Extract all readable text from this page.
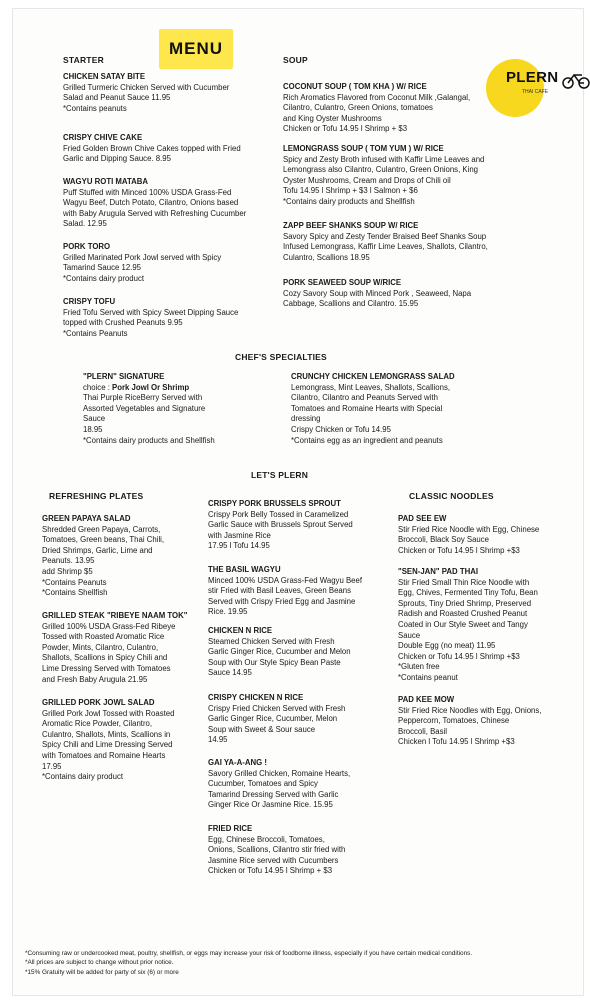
STARTER
MENU
SOUP
PLERN
THAI CAFE
CHICKEN SATAY BITE
Grilled Turmeric Chicken Served with Cucumber
Salad and Peanut Sauce 11.95
*Contains peanuts
CRISPY CHIVE CAKE
Fried Golden Brown Chive Cakes topped with Fried
Garlic and Dipping Sauce. 8.95
WAGYU ROTI MATABA
Puff Stuffed with Minced 100% USDA Grass-Fed
Wagyu Beef, Dutch Potato, Cilantro, Onions based
with Baby Arugula Served with Refreshing Cucumber
Salad. 12.95
PORK TORO
Grilled Marinated Pork Jowl served with Spicy
Tamarind Sauce 12.95
*Contains dairy product
CRISPY TOFU
Fried Tofu Served with Spicy Sweet Dipping Sauce
topped with Crushed Peanuts 9.95
*Contains Peanuts
COCONUT SOUP ( TOM KHA ) W/ RICE
Rich Aromatics Flavored from Coconut Milk ,Galangal,
Cilantro, Culantro, Green Onions, tomatoes
and King Oyster Mushrooms
Chicken or Tofu 14.95 l Shrimp + $3
LEMONGRASS SOUP ( TOM YUM ) W/ RICE
Spicy and Zesty Broth infused with Kaffir Lime Leaves and
Lemongrass also Cilantro, Culantro, Green Onions, King
Oyster Mushrooms, Cream and Drops of Chili oil
Tofu 14.95 l Shrimp + $3 l Salmon + $6
*Contains dairy products and Shellfish
ZAPP BEEF SHANKS SOUP W/ RICE
Savory Spicy and Zesty Tender Braised Beef Shanks Soup
Infused Lemongrass, Kaffir Lime Leaves, Shallots, Cilantro,
Culantro, Scallions 18.95
PORK SEAWEED SOUP W/RICE
Cozy Savory Soup with Minced Pork , Seaweed, Napa
Cabbage, Scallions and Cilantro. 15.95
CHEF'S SPECIALTIES
"PLERN" SIGNATURE
choice : Pork Jowl Or Shrimp
Thai Purple RiceBerry Served with
Assorted Vegetables and Signature
Sauce
18.95
*Contains dairy products and Shellfish
CRUNCHY CHICKEN LEMONGRASS SALAD
Lemongrass, Mint Leaves, Shallots, Scallions,
Cilantro, Cilantro and Peanuts Served with
Tomatoes and Romaine Hearts with Special
dressing
Crispy Chicken or Tofu 14.95
*Contains egg as an ingredient and peanuts
LET'S PLERN
REFRESHING PLATES
GREEN PAPAYA SALAD
Shredded Green Papaya, Carrots,
Tomatoes, Green beans, Thai Chili,
Dried Shrimps, Garlic, Lime and
Peanuts. 13.95
add Shrimp $5
*Contains Peanuts
*Contains Shellfish
GRILLED STEAK "RIBEYE NAAM TOK"
Grilled 100% USDA Grass-Fed Ribeye
Tossed with Roasted Aromatic Rice
Powder, Mints, Cilantro, Culantro,
Shallots, Scallions in Spicy Chili and
Lime Dressing Served with Tomatoes
and Fresh Baby Arugula 21.95
GRILLED PORK JOWL SALAD
Grilled Pork Jowl Tossed with Roasted
Aromatic Rice Powder, Cilantro,
Culantro, Shallots, Mints, Scallions in
Spicy Chili and Lime Dressing Served
with Tomatoes and Romaine Hearts
17.95
*Contains dairy product
CRISPY PORK BRUSSELS SPROUT
Crispy Pork Belly Tossed in Caramelized
Garlic Sauce with Brussels Sprout Served
with Jasmine Rice
17.95 l Tofu 14.95
THE BASIL WAGYU
Minced 100% USDA Grass-Fed Wagyu Beef
stir Fried with Basil Leaves, Green Beans
Served with Crispy Fried Egg and Jasmine
Rice. 19.95
CHICKEN N RICE
Steamed Chicken Served with Fresh
Garlic Ginger Rice, Cucumber and Melon
Soup with Our Style Spicy Bean Paste
Sauce 14.95
CRISPY CHICKEN N RICE
Crispy Fried Chicken Served with Fresh
Garlic Ginger Rice, Cucumber, Melon
Soup with Sweet & Sour sauce
14.95
GAI YA-A-ANG !
Savory Grilled Chicken, Romaine Hearts,
Cucumber, Tomatoes and Spicy
Tamarind Dressing Served with Garlic
Ginger Rice Or Jasmine Rice. 15.95
FRIED RICE
Egg, Chinese Broccoli, Tomatoes,
Onions, Scallions, Cilantro stir fried with
Jasmine Rice served with Cucumbers
Chicken or Tofu 14.95 l Shrimp + $3
CLASSIC NOODLES
PAD SEE EW
Stir Fried Rice Noodle with Egg, Chinese
Broccoli, Black Soy Sauce
Chicken or Tofu 14.95 l Shrimp +$3
"SEN-JAN" PAD THAI
Stir Fried Small Thin Rice Noodle with
Egg, Chives, Fermented Tiny Tofu, Bean
Sprouts, Tiny Dried Shrimp, Preserved
Radish and Roasted Crushed Peanut
Coated in Our Style Sweet and Tangy
Sauce
Double Egg (no meat) 11.95
Chicken or Tofu 14.95 l Shrimp +$3
*Gluten free
*Contains peanut
PAD KEE MOW
Stir Fried Rice Noodles with Egg, Onions,
Peppercorn, Tomatoes, Chinese
Broccoli, Basil
Chicken l Tofu 14.95 l Shrimp +$3
*Consuming raw or undercooked meat, poultry, shellfish, or eggs may increase your risk of foodborne illness, especially if you have certain medical conditions.
*All prices are subject to change without prior notice.
*15% Gratuity will be added for party of six (6) or more
